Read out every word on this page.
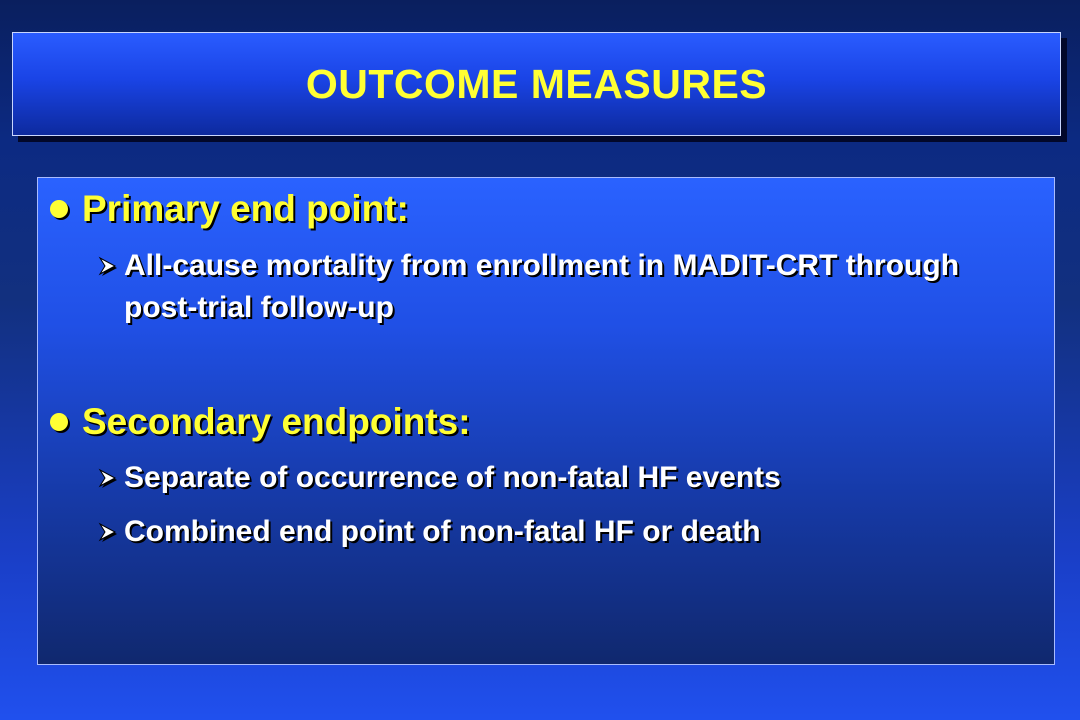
OUTCOME MEASURES
Primary end point:
All-cause mortality from enrollment in MADIT-CRT through post-trial follow-up
Secondary endpoints:
Separate of occurrence of non-fatal HF events
Combined end point of non-fatal HF or death
